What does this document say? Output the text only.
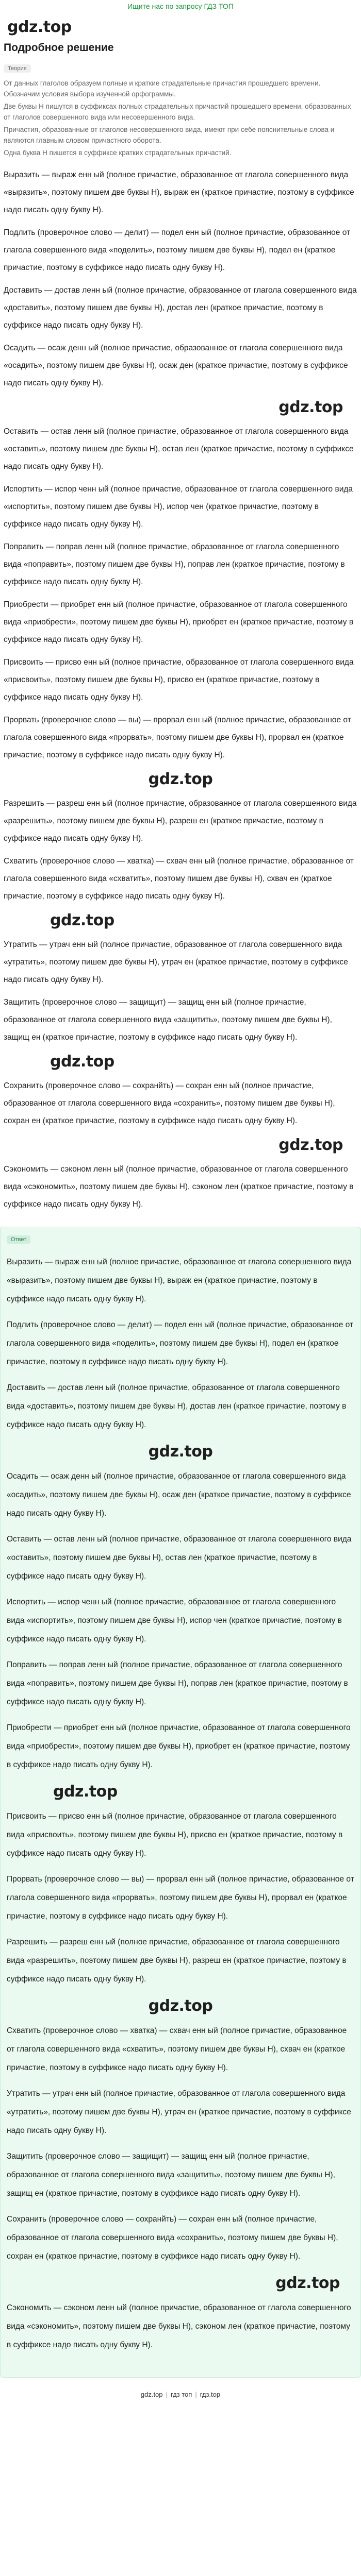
Ищите нас по запросу ГДЗ ТОП
gdz.top
Подробное решение
Теория

От данных глаголов образуем полные и краткие страдательные причастия прошедшего времени. Обозначим условия выбора изученной орфограммы.

Две буквы Н пишутся в суффиксах полных страдательных причастий прошедшего времени, образованных от глаголов совершенного вида или несовершенного вида.

Причастия, образованные от глаголов несовершенного вида, имеют при себе пояснительные слова и являются главным словом причастного оборота.

Одна буква Н пишется в суффиксе кратких страдательных причастий.

Выразить — выраж енн ый (полное причастие, образованное от глагола совершенного вида «выразить», поэтому пишем две буквы Н), выраж ен (краткое причастие, поэтому в суффиксе надо писать одну букву Н).

Подлить (проверочное слово — делит) — подел енн ый (полное причастие, образованное от глагола совершенного вида «поделить», поэтому пишем две буквы Н), подел ен (краткое причастие, поэтому в суффиксе надо писать одну букву Н).

Доставить — достав ленн ый (полное причастие, образованное от глагола совершенного вида «доставить», поэтому пишем две буквы Н), достав лен (краткое причастие, поэтому в суффиксе надо писать одну букву Н).

Осадить — осаж денн ый (полное причастие, образованное от глагола совершенного вида «осадить», поэтому пишем две буквы Н), осаж ден (краткое причастие, поэтому в суффиксе надо писать одну букву Н).

gdz.top

Оставить — остав ленн ый (полное причастие, образованное от глагола совершенного вида «оставить», поэтому пишем две буквы Н), остав лен (краткое причастие, поэтому в суффиксе надо писать одну букву Н).

Испортить — испор ченн ый (полное причастие, образованное от глагола совершенного вида «испортить», поэтому пишем две буквы Н), испор чен (краткое причастие, поэтому в суффиксе надо писать одну букву Н).

Поправить — поправ ленн ый (полное причастие, образованное от глагола совершенного вида «поправить», поэтому пишем две буквы Н), поправ лен (краткое причастие, поэтому в суффиксе надо писать одну букву Н).

Приобрести — приобрет енн ый (полное причастие, образованное от глагола совершенного вида «приобрести», поэтому пишем две буквы Н), приобрет ен (краткое причастие, поэтому в суффиксе надо писать одну букву Н).

Присвоить — присво енн ый (полное причастие, образованное от глагола совершенного вида «присвоить», поэтому пишем две буквы Н), присво ен (краткое причастие, поэтому в суффиксе надо писать одну букву Н).

Прорвать (проверочное слово — вы) — прорвал енн ый (полное причастие, образованное от глагола совершенного вида «прорвать», поэтому пишем две буквы Н), прорвал ен (краткое причастие, поэтому в суффиксе надо писать одну букву Н).

gdz.top

Разрешить — разреш енн ый (полное причастие, образованное от глагола совершенного вида «разрешить», поэтому пишем две буквы Н), разреш ен (краткое причастие, поэтому в суффиксе надо писать одну букву Н).

Схватить (проверочное слово — хватка) — схвач енн ый (полное причастие, образованное от глагола совершенного вида «схватить», поэтому пишем две буквы Н), схвач ен (краткое причастие, поэтому в суффиксе надо писать одну букву Н).

gdz.top

Утратить — утрач енн ый (полное причастие, образованное от глагола совершенного вида «утратить», поэтому пишем две буквы Н), утрач ен (краткое причастие, поэтому в суффиксе надо писать одну букву Н).

Защитить (проверочное слово — защищит) — защищ енн ый (полное причастие, образованное от глагола совершенного вида «защитить», поэтому пишем две буквы Н), защищ ен (краткое причастие, поэтому в суффиксе надо писать одну букву Н).

gdz.top

Сохранить (проверочное слово — сохранйть) — сохран енн ый (полное причастие, образованное от глагола совершенного вида «сохранить», поэтому пишем две буквы Н), сохран ен (краткое причастие, поэтому в суффиксе надо писать одну букву Н).

gdz.top

Сэкономить — сэконом ленн ый (полное причастие, образованное от глагола совершенного вида «сэкономить», поэтому пишем две буквы Н), сэконом лен (краткое причастие, поэтому в суффиксе надо писать одну букву Н).

Ответ

Выразить — выраж енн ый (полное причастие, образованное от глагола совершенного вида «выразить», поэтому пишем две буквы Н), выраж ен (краткое причастие, поэтому в суффиксе надо писать одну букву Н).

Подлить (проверочное слово — делит) — подел енн ый (полное причастие, образованное от глагола совершенного вида «поделить», поэтому пишем две буквы Н), подел ен (краткое причастие, поэтому в суффиксе надо писать одну букву Н).

Доставить — достав ленн ый (полное причастие, образованное от глагола совершенного вида «доставить», поэтому пишем две буквы Н), достав лен (краткое причастие, поэтому в суффиксе надо писать одну букву Н).

gdz.top

Осадить — осаж денн ый (полное причастие, образованное от глагола совершенного вида «осадить», поэтому пишем две буквы Н), осаж ден (краткое причастие, поэтому в суффиксе надо писать одну букву Н).

Оставить — остав ленн ый (полное причастие, образованное от глагола совершенного вида «оставить», поэтому пишем две буквы Н), остав лен (краткое причастие, поэтому в суффиксе надо писать одну букву Н).

Испортить — испор ченн ый (полное причастие, образованное от глагола совершенного вида «испортить», поэтому пишем две буквы Н), испор чен (краткое причастие, поэтому в суффиксе надо писать одну букву Н).

Поправить — поправ ленн ый (полное причастие, образованное от глагола совершенного вида «поправить», поэтому пишем две буквы Н), поправ лен (краткое причастие, поэтому в суффиксе надо писать одну букву Н).

Приобрести — приобрет енн ый (полное причастие, образованное от глагола совершенного вида «приобрести», поэтому пишем две буквы Н), приобрет ен (краткое причастие, поэтому в суффиксе надо писать одну букву Н).

gdz.top

Присвоить — присво енн ый (полное причастие, образованное от глагола совершенного вида «присвоить», поэтому пишем две буквы Н), присво ен (краткое причастие, поэтому в суффиксе надо писать одну букву Н).

Прорвать (проверочное слово — вы) — прорвал енн ый (полное причастие, образованное от глагола совершенного вида «прорвать», поэтому пишем две буквы Н), прорвал ен (краткое причастие, поэтому в суффиксе надо писать одну букву Н).

Разрешить — разреш енн ый (полное причастие, образованное от глагола совершенного вида «разрешить», поэтому пишем две буквы Н), разреш ен (краткое причастие, поэтому в суффиксе надо писать одну букву Н).

gdz.top

Схватить (проверочное слово — хватка) — схвач енн ый (полное причастие, образованное от глагола совершенного вида «схватить», поэтому пишем две буквы Н), схвач ен (краткое причастие, поэтому в суффиксе надо писать одну букву Н).

Утратить — утрач енн ый (полное причастие, образованное от глагола совершенного вида «утратить», поэтому пишем две буквы Н), утрач ен (краткое причастие, поэтому в суффиксе надо писать одну букву Н).

Защитить (проверочное слово — защищит) — защищ енн ый (полное причастие, образованное от глагола совершенного вида «защитить», поэтому пишем две буквы Н), защищ ен (краткое причастие, поэтому в суффиксе надо писать одну букву Н).

Сохранить (проверочное слово — сохранйть) — сохран енн ый (полное причастие, образованное от глагола совершенного вида «сохранить», поэтому пишем две буквы Н), сохран ен (краткое причастие, поэтому в суффиксе надо писать одну букву Н).

gdz.top

Сэкономить — сэконом ленн ый (полное причастие, образованное от глагола совершенного вида «сэкономить», поэтому пишем две буквы Н), сэконом лен (краткое причастие, поэтому в суффиксе надо писать одну букву Н).

gdz.top | гдз топ | гдз.top
